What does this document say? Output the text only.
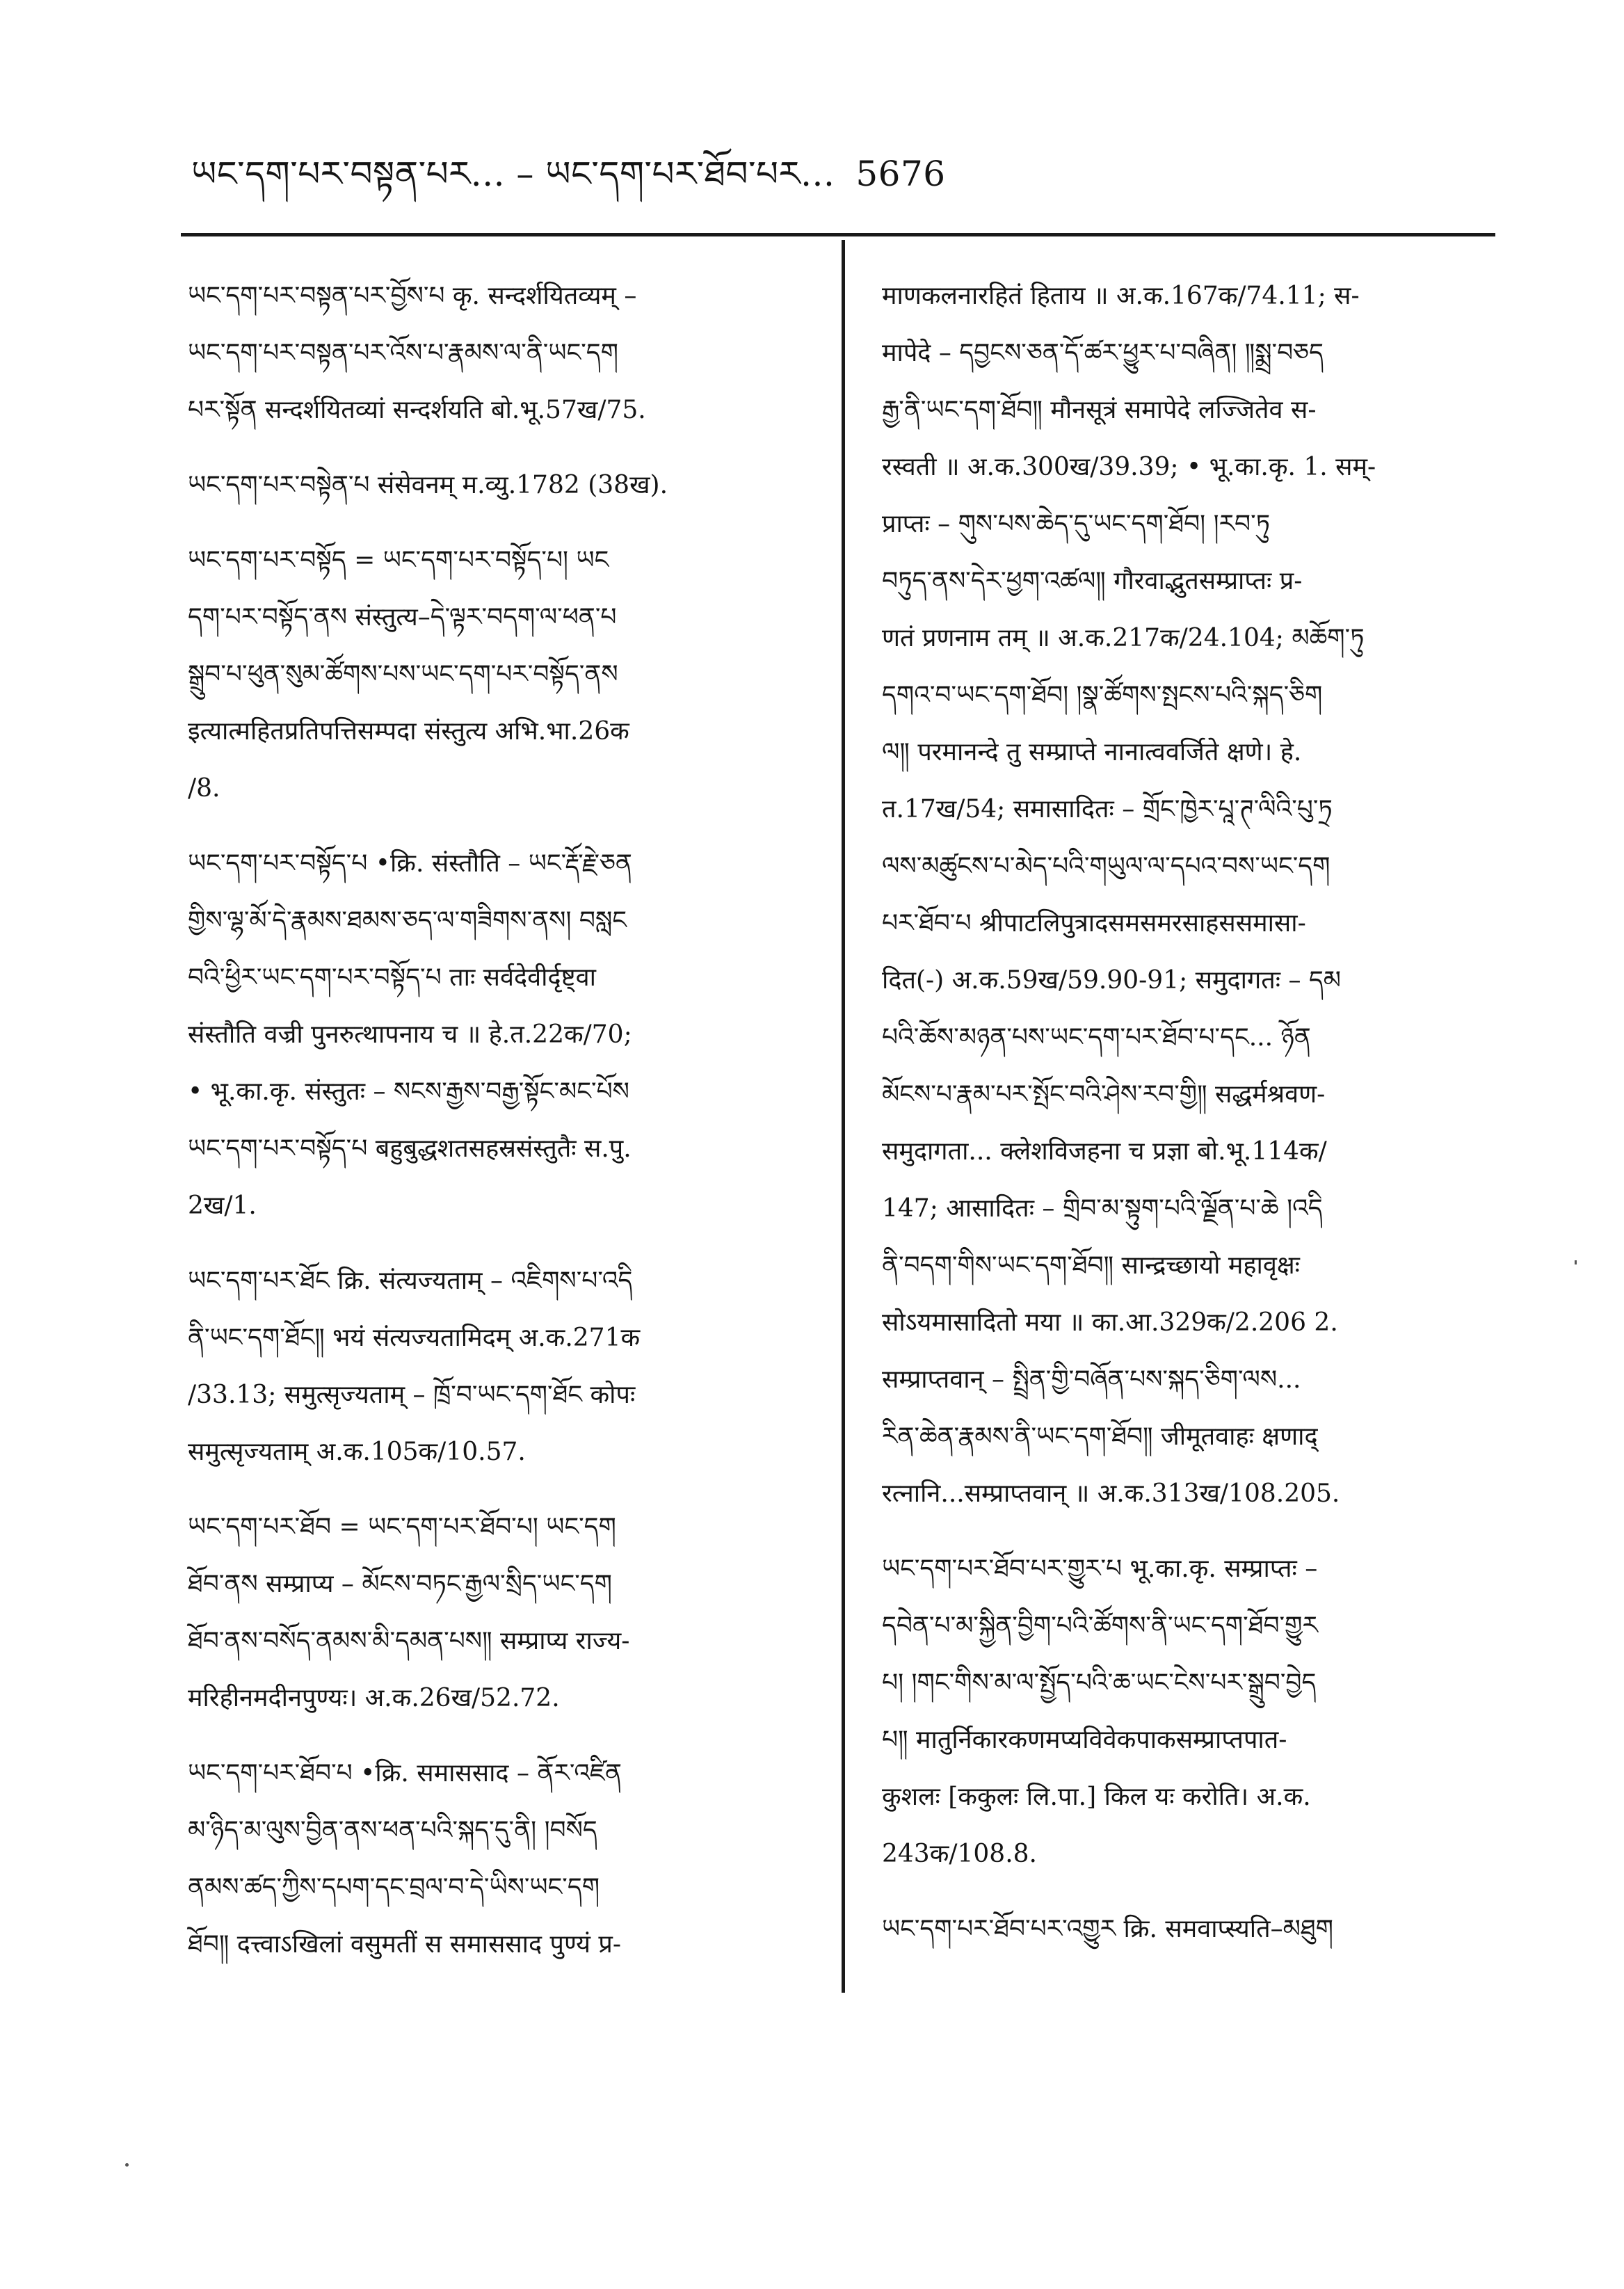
ཡང་དག་པར་བསྟན་པར... – ཡང་དག་པར་ཐོབ་པར... 5676

ཡང་དག་པར་བསྟན་པར་བྱོས་པ कृ. सन्दर्शयितव्यम् –

ཡང་དག་པར་བསྟན་པར་འོས་པ་རྣམས་ལ་ནི་ཡང་དག

པར་སྟོན सन्दर्शयितव्यां सन्दर्शयति बो.भू.57ख/75.

ཡང་དག་པར་བསྟེན་པ संसेवनम् म.व्यु.1782 (38ख).

ཡང་དག་པར་བསྟོད = ཡང་དག་པར་བསྟོད་པ། ཡང

དག་པར་བསྟོད་ནས संस्तुत्य–དེ་ལྟར་བདག་ལ་ཕན་པ

སྒྲུབ་པ་ཕུན་སུམ་ཚོགས་པས་ཡང་དག་པར་བསྟོད་ནས

इत्यात्महितप्रतिपत्तिसम्पदा संस्तुत्य अभि.भा.26क

/8.

ཡང་དག་པར་བསྟོད་པ •क्रि. संस्तौति – ཡང་རྡོ་རྗེ་ཅན

གྱིས་ལྷ་མོ་དེ་རྣམས་ཐམས་ཅད་ལ་གཟིགས་ནས། བསླང

བའི་ཕྱིར་ཡང་དག་པར་བསྟོད་པ ताः सर्वदेवीर्दृष्ट्वा

संस्तौति वज्री पुनरुत्थापनाय च ॥ हे.त.22क/70;

• भू.का.कृ. संस्तुतः – སངས་རྒྱས་བརྒྱ་སྟོང་མང་པོས

ཡང་དག་པར་བསྟོད་པ बहुबुद्धशतसहस्रसंस्तुतैः स.पु.

2ख/1.

ཡང་དག་པར་ཐོང क्रि. संत्यज्यताम् – འཇིགས་པ་འདི

ནི་ཡང་དག་ཐོང༎ भयं संत्यज्यतामिदम् अ.क.271क

/33.13; समुत्सृज्यताम् – ཁྲོ་བ་ཡང་དག་ཐོང कोपः

समुत्सृज्यताम् अ.क.105क/10.57.

ཡང་དག་པར་ཐོབ = ཡང་དག་པར་ཐོབ་པ། ཡང་དག

ཐོབ་ནས सम्प्राप्य – མོངས་བཏང་རྒྱལ་སྲིད་ཡང་དག

ཐོབ་ནས་བསོད་ནམས་མི་དམན་པས༎ सम्प्राप्य राज्य-

मरिहीनमदीनपुण्यः। अ.क.26ख/52.72.

ཡང་དག་པར་ཐོབ་པ •क्रि. समाससाद – ནོར་འཛིན

མ་ཉིད་མ་ལུས་བྱིན་ནས་ཕན་པའི་སྐད་དུ་ནི། །བསོད

ནམས་ཚད་ཀྱིས་དཔག་དང་བྲལ་བ་དེ་ཡིས་ཡང་དག

ཐོབ༎ दत्त्वाऽखिलां वसुमतीं स समाससाद पुण्यं प्र-

माणकलनारहितं हिताय ॥ अ.क.167क/74.11; स-

मापेदे – དབྱངས་ཅན་དོ་ཚར་ཕྱུར་པ་བཞིན། ༎སྨྲ་བཅད

རྒྱ་ནི་ཡང་དག་ཐོབ༎ मौनसूत्रं समापेदे लज्जितेव स-

रस्वती ॥ अ.क.300ख/39.39; • भू.का.कृ. 1. सम्-

प्राप्तः – གུས་པས་ཆེད་དུ་ཡང་དག་ཐོབ། །རབ་ཏུ

བཏུད་ནས་དེར་ཕྱག་འཚལ༎ गौरवाद्भुतसम्प्राप्तः प्र-

णतं प्रणनाम तम् ॥ अ.क.217क/24.104; མཆོག་ཏུ

དགའ་བ་ཡང་དག་ཐོབ། །སྣ་ཚོགས་སྤངས་པའི་སྐད་ཅིག

ལ༎ परमानन्दे तु सम्प्राप्ते नानात्ववर्जिते क्षणे। हे.

त.17ख/54; समासादितः – གྲོང་ཁྱེར་པཱ་ཊ་ལིའི་པུ་ཏྲ

ལས་མཚུངས་པ་མེད་པའི་གཡུལ་ལ་དཔའ་བས་ཡང་དག

པར་ཐོབ་པ श्रीपाटलिपुत्रादसमसमरसाहससमासा-

दित(-) अ.क.59ख/59.90-91; समुदागतः – དམ

པའི་ཆོས་མཉན་པས་ཡང་དག་པར་ཐོབ་པ་དང... ཉོན

མོངས་པ་རྣམ་པར་སྤོང་བའི་ཤེས་རབ་གྱི༎ सद्धर्मश्रवण-

समुदागता... क्लेशविजहना च प्रज्ञा बो.भू.114क/

147; आसादितः – གྲིབ་མ་སྟུག་པའི་ལྗོན་པ་ཆེ །འདི

ནི་བདག་གིས་ཡང་དག་ཐོབ༎ सान्द्रच्छायो महावृक्षः

सोऽयमासादितो मया ॥ का.आ.329क/2.206 2.

सम्प्राप्तवान् – སྤྲིན་གྱི་བཞོན་པས་སྐད་ཅིག་ལས...

རིན་ཆེན་རྣམས་ནི་ཡང་དག་ཐོབ༎ जीमूतवाहः क्षणाद्

रत्नानि...सम्प्राप्तवान् ॥ अ.क.313ख/108.205.

ཡང་དག་པར་ཐོབ་པར་གྱུར་པ भू.का.कृ. सम्प्राप्तः –

དབེན་པ་མ་སྐྱིན་བྱིག་པའི་ཚོགས་ནི་ཡང་དག་ཐོབ་གྱུར

པ། །གང་གིས་མ་ལ་སྤྱོད་པའི་ཆ་ཡང་ངེས་པར་སྒྲུབ་བྱེད

པ༎ मातुर्निकारकणमप्यविवेकपाकसम्प्राप्तपात-

कुशलः [ककुलः लि.पा.] किल यः करोति। अ.क.

243क/108.8.

ཡང་དག་པར་ཐོབ་པར་འགྱུར क्रि. समवाप्स्यति–མཐུག
